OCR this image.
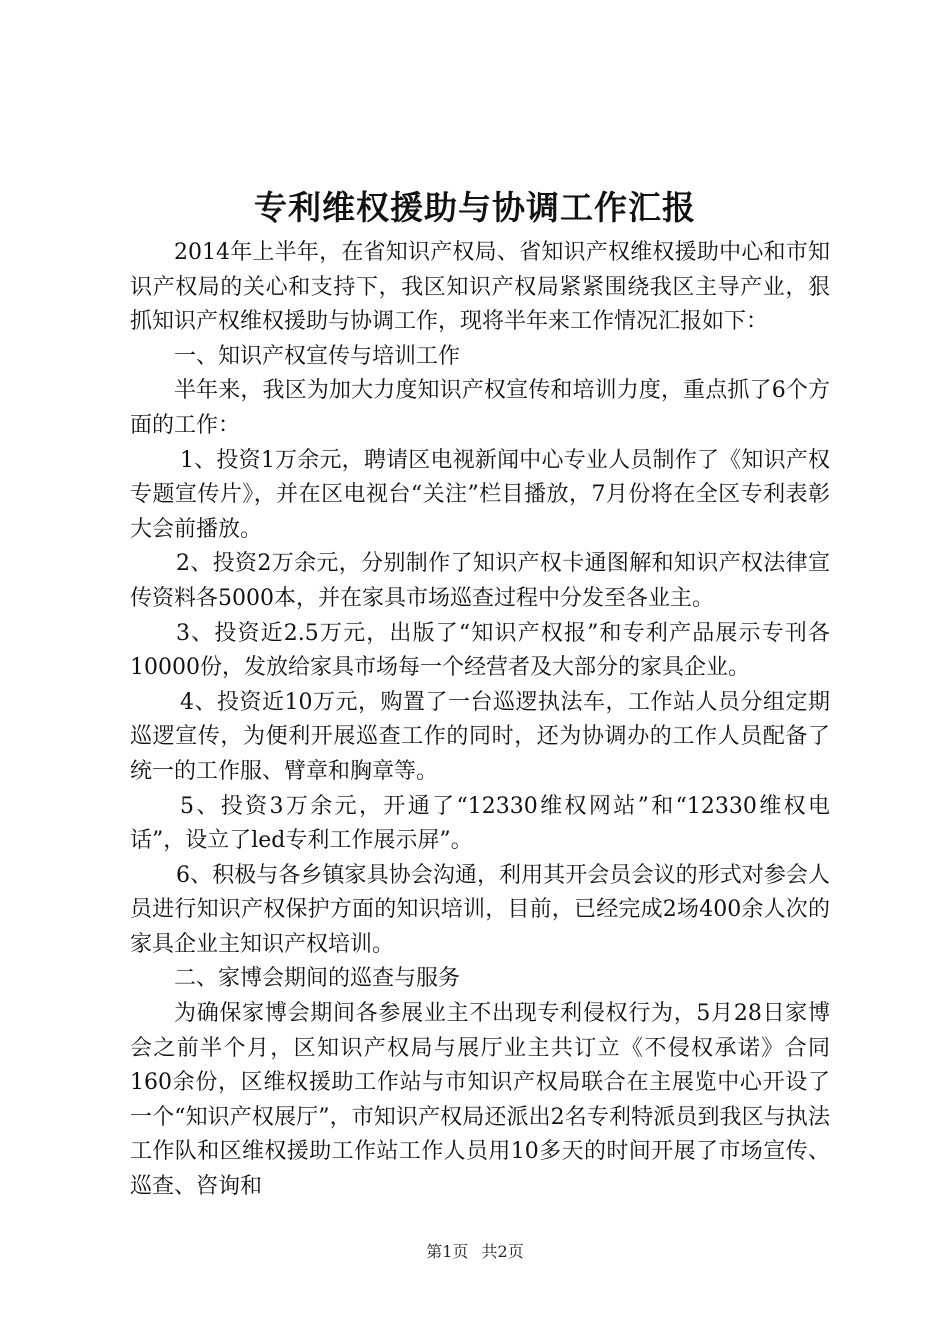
专利维权援助与协调工作汇报

2014年上半年，在省知识产权局、省知识产权维权援助中心和市知识产权局的关心和支持下，我区知识产权局紧紧围绕我区主导产业，狠抓知识产权维权援助与协调工作，现将半年来工作情况汇报如下：

一、知识产权宣传与培训工作

半年来，我区为加大力度知识产权宣传和培训力度，重点抓了6个方面的工作：

1、投资1万余元，聘请区电视新闻中心专业人员制作了《知识产权专题宣传片》，并在区电视台“关注”栏目播放，7月份将在全区专利表彰大会前播放。

2、投资2万余元，分别制作了知识产权卡通图解和知识产权法律宣传资料各5000本，并在家具市场巡查过程中分发至各业主。

3、投资近2.5万元，出版了“知识产权报”和专利产品展示专刊各10000份，发放给家具市场每一个经营者及大部分的家具企业。

4、投资近10万元，购置了一台巡逻执法车，工作站人员分组定期巡逻宣传，为便利开展巡查工作的同时，还为协调办的工作人员配备了统一的工作服、臂章和胸章等。

5、投资3万余元，开通了“12330维权网站”和“12330维权电话”，设立了led专利工作展示屏”。

6、积极与各乡镇家具协会沟通，利用其开会员会议的形式对参会人员进行知识产权保护方面的知识培训，目前，已经完成2场400余人次的家具企业主知识产权培训。

二、家博会期间的巡查与服务

为确保家博会期间各参展业主不出现专利侵权行为，5月28日家博会之前半个月，区知识产权局与展厅业主共订立《不侵权承诺》合同160余份，区维权援助工作站与市知识产权局联合在主展览中心开设了一个“知识产权展厅”，市知识产权局还派出2名专利特派员到我区与执法工作队和区维权援助工作站工作人员用10多天的时间开展了市场宣传、巡查、咨询和

第1页 共2页
